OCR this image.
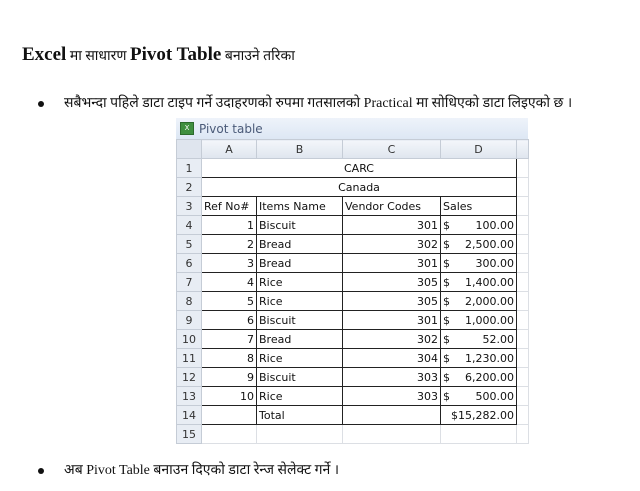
Excel मा साधारण Pivot Table बनाउने तरिका
सबैभन्दा पहिले डाटा टाइप गर्ने उदाहरणको रुपमा गतसालको Practical मा सोधिएको डाटा लिइएको छ ।
X Pivot table
	A	B	C	D	
1	CARC				
2	Canada				
3	Ref No#	Items Name	Vendor Codes	Sales	
4	1	Biscuit	301	$ 100.00	

5	2	Bread	302	$ 2,500.00	

6	3	Bread	301	$ 300.00	

7	4	Rice	305	$ 1,400.00	

8	5	Rice	305	$ 2,000.00	

9	6	Biscuit	301	$ 1,000.00	

10	7	Bread	302	$ 52.00	

11	8	Rice	304	$ 1,230.00	

12	9	Biscuit	303	$ 6,200.00	

13	10	Rice	303	$ 500.00	

14		Total		$15,282.00	
15					
अब Pivot Table बनाउन दिएको डाटा रेन्ज सेलेक्ट गर्ने ।
